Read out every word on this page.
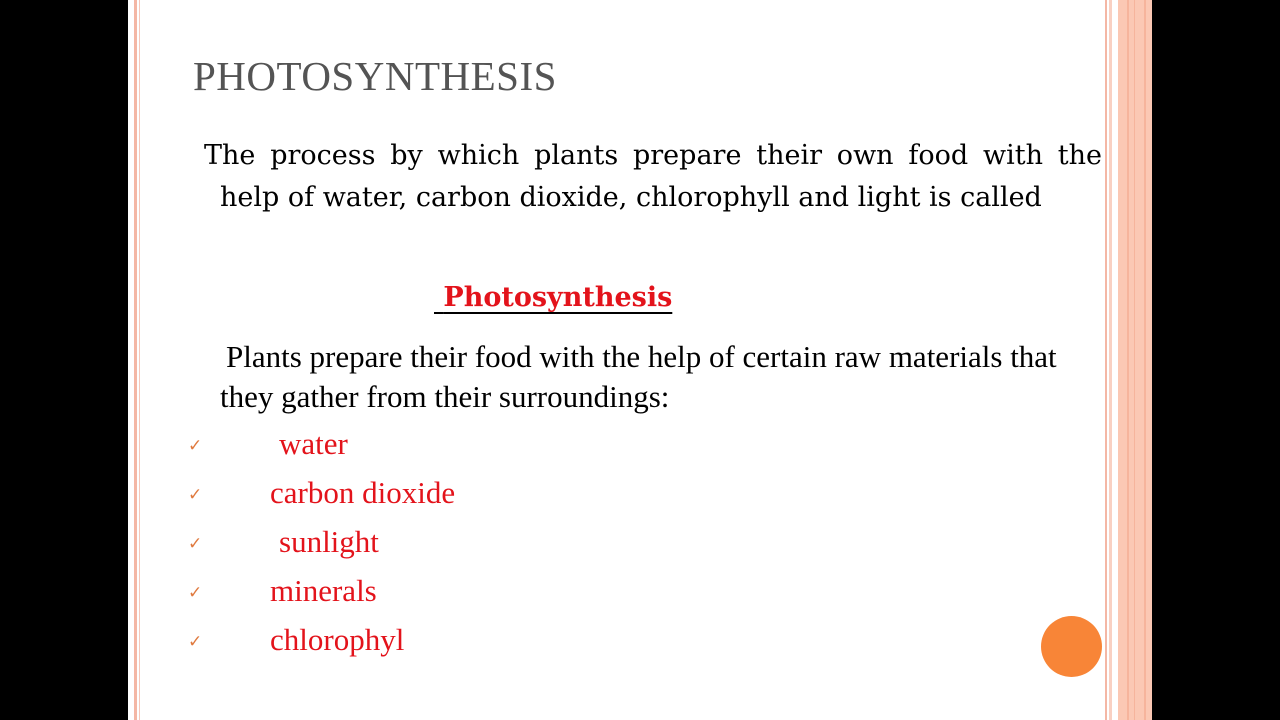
PHOTOSYNTHESIS

The process by which plants prepare their own food with the help of water, carbon dioxide, chlorophyll and light is called

Photosynthesis

Plants prepare their food with the help of certain raw materials that they gather from their surroundings:

✓ water
✓ carbon dioxide
✓ sunlight
✓ minerals
✓ chlorophyl
